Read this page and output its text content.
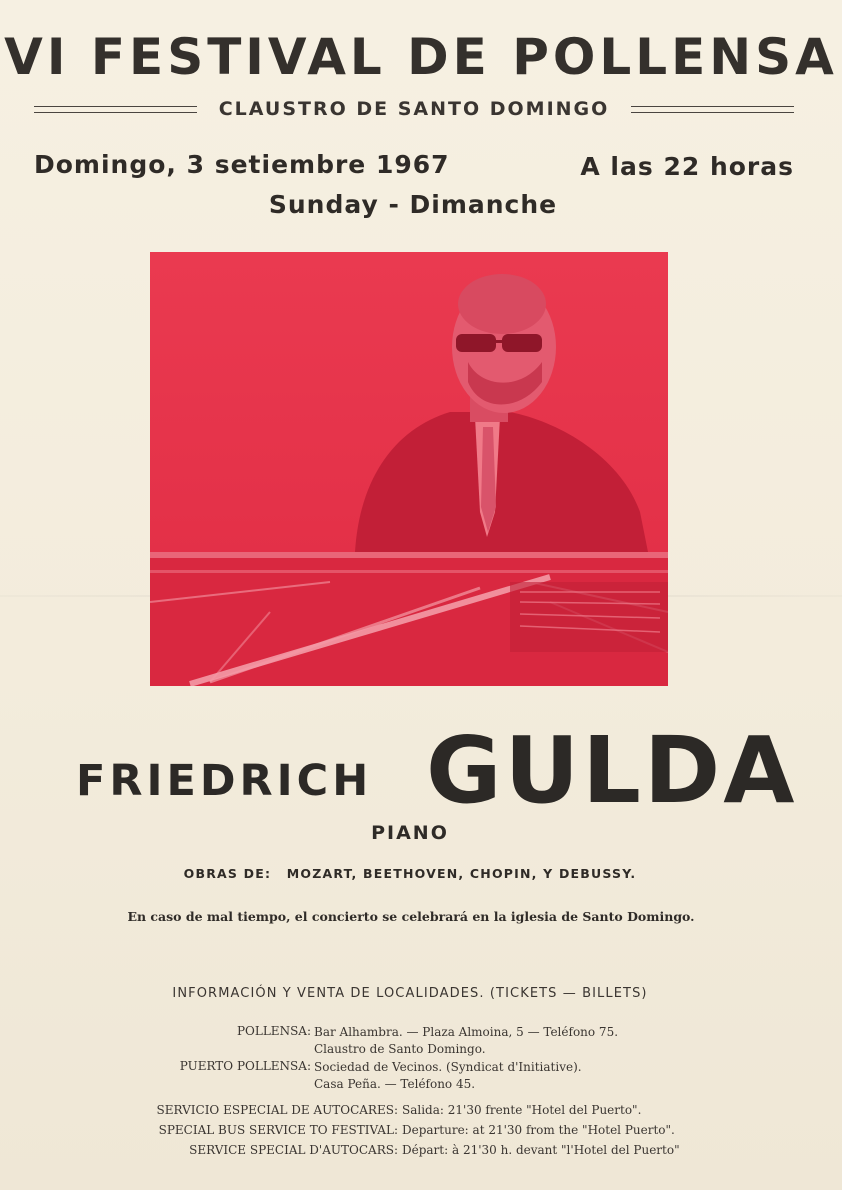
VI FESTIVAL DE POLLENSA
CLAUSTRO DE SANTO DOMINGO
Domingo, 3 setiembre 1967	A las 22 horas
Sunday - Dimanche
FRIEDRICH GULDA
PIANO
OBRAS DE: MOZART, BEETHOVEN, CHOPIN, Y DEBUSSY.
En caso de mal tiempo, el concierto se celebrará en la iglesia de Santo Domingo.
INFORMACIÓN Y VENTA DE LOCALIDADES. (TICKETS — BILLETS)
POLLENSA: Bar Alhambra. — Plaza Almoina, 5 — Teléfono 75.
Claustro de Santo Domingo.
PUERTO POLLENSA: Sociedad de Vecinos. (Syndicat d'Initiative).
Casa Peña. — Teléfono 45.
SERVICIO ESPECIAL DE AUTOCARES: Salida: 21'30 frente "Hotel del Puerto".
SPECIAL BUS SERVICE TO FESTIVAL: Departure: at 21'30 from the "Hotel Puerto".
SERVICE SPECIAL D'AUTOCARS: Départ: à 21'30 h. devant "l'Hotel del Puerto"
